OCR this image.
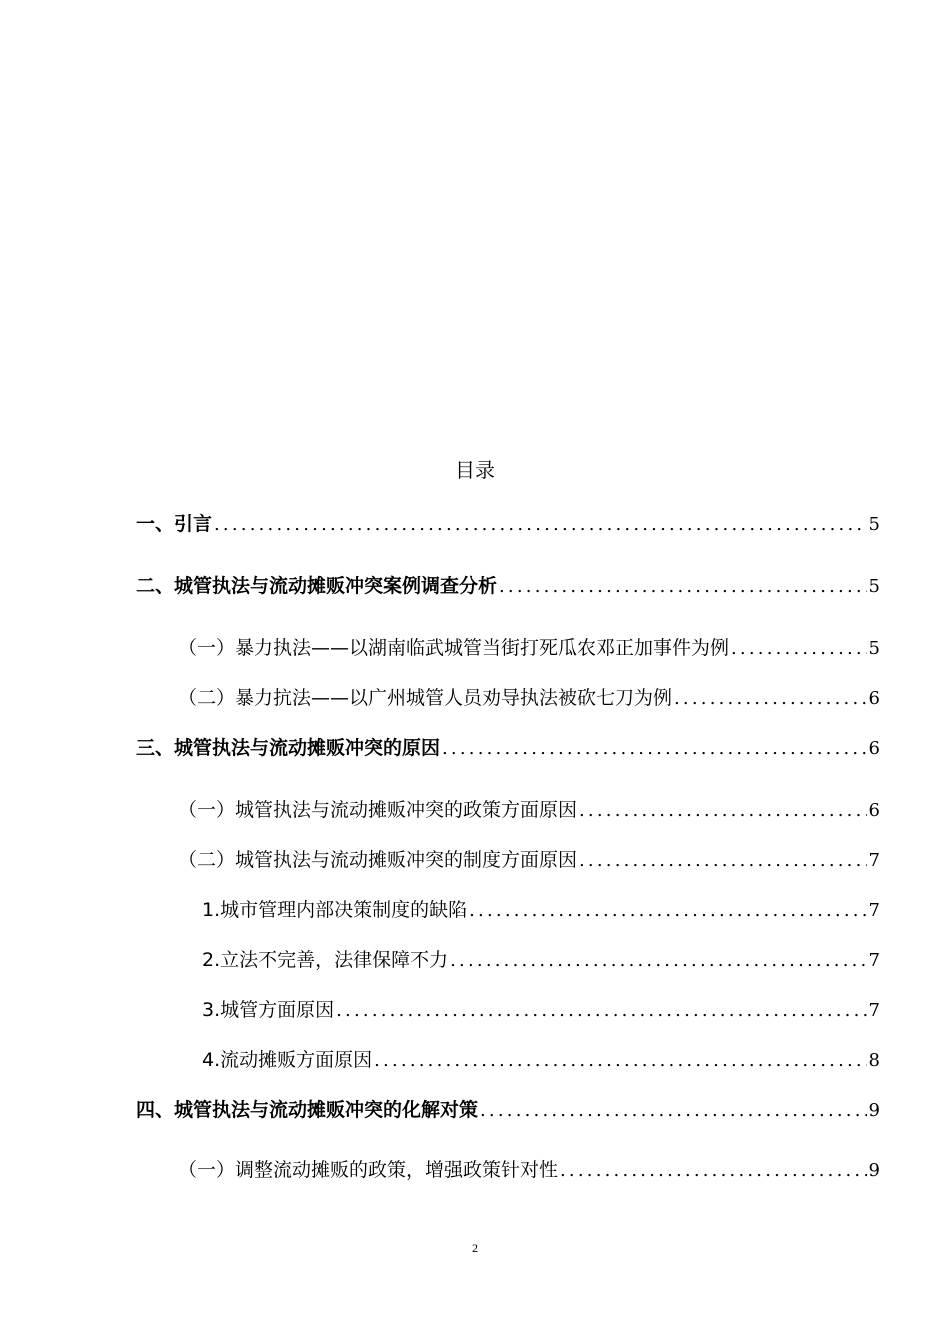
目录
一、引言 .....	5
二、城管执法与流动摊贩冲突案例调查分析 .....	5
（一）暴力执法——以湖南临武城管当街打死瓜农邓正加事件为例 .....	5
（二）暴力抗法——以广州城管人员劝导执法被砍七刀为例 .....	6
三、城管执法与流动摊贩冲突的原因 .....	6
（一）城管执法与流动摊贩冲突的政策方面原因 .....	6
（二）城管执法与流动摊贩冲突的制度方面原因 .....	7
1.城市管理内部决策制度的缺陷 .....	7
2.立法不完善，法律保障不力 .....	7
3.城管方面原因 .....	7
4.流动摊贩方面原因 .....	8
四、城管执法与流动摊贩冲突的化解对策 .....	9
（一）调整流动摊贩的政策，增强政策针对性 .....	9
2
